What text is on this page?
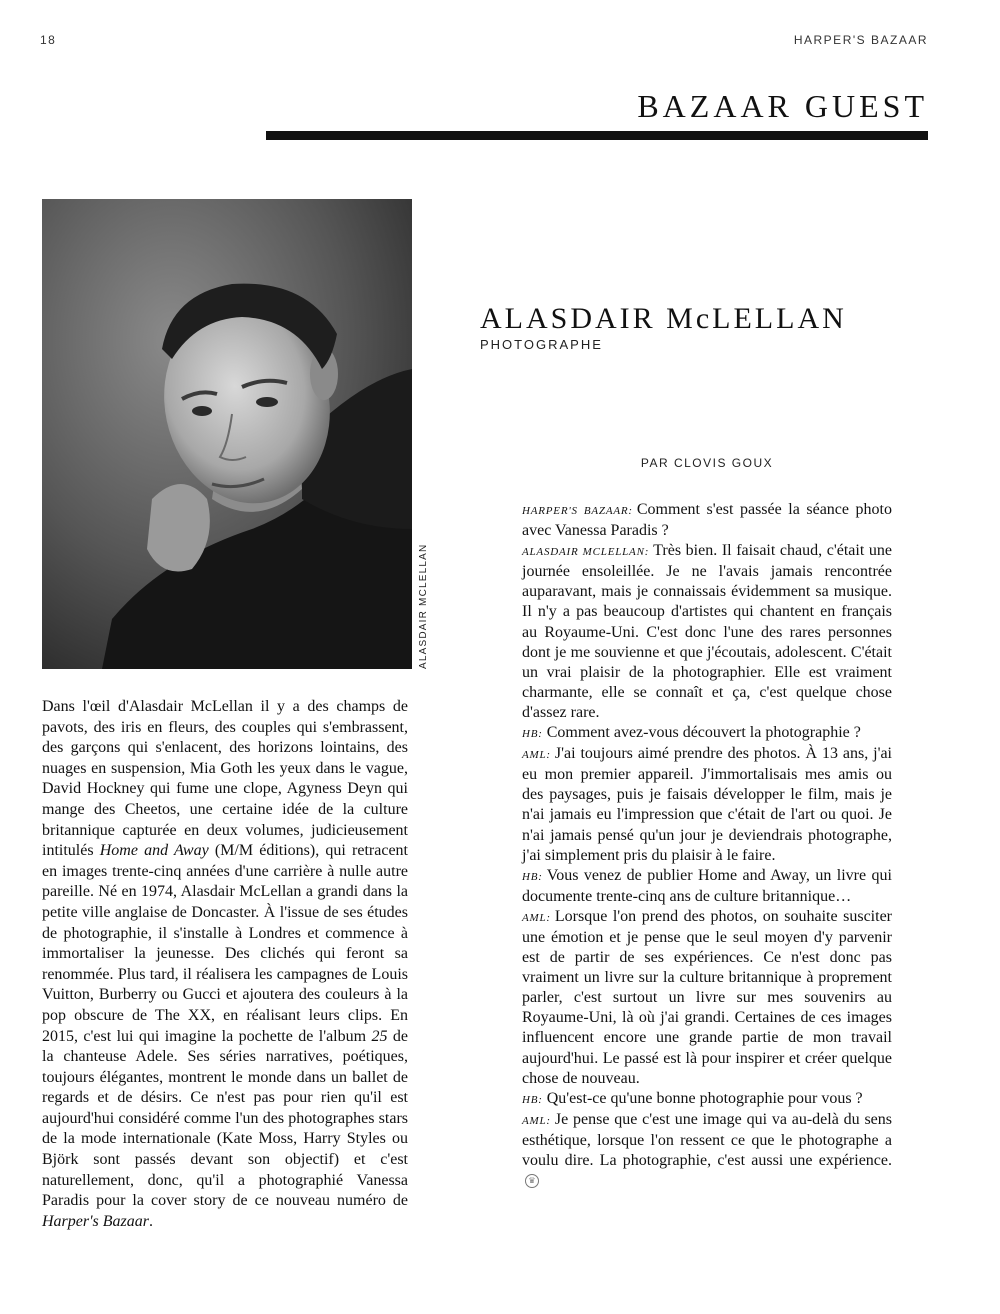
18	HARPER'S BAZAAR
BAZAAR GUEST
ALASDAIR MCLELLAN
ALASDAIR McLELLAN
PHOTOGRAPHE
PAR CLOVIS GOUX
Dans l'œil d'Alasdair McLellan il y a des champs de pavots, des iris en fleurs, des couples qui s'embrassent, des garçons qui s'enlacent, des horizons lointains, des nuages en suspension, Mia Goth les yeux dans le vague, David Hockney qui fume une clope, Agyness Deyn qui mange des Cheetos, une certaine idée de la culture britannique capturée en deux volumes, judicieusement intitulés Home and Away (M/M éditions), qui retracent en images trente-cinq années d'une carrière à nulle autre pareille. Né en 1974, Alasdair McLellan a grandi dans la petite ville anglaise de Doncaster. À l'issue de ses études de photographie, il s'installe à Londres et commence à immortaliser la jeunesse. Des clichés qui feront sa renommée. Plus tard, il réalisera les campagnes de Louis Vuitton, Burberry ou Gucci et ajoutera des couleurs à la pop obscure de The XX, en réalisant leurs clips. En 2015, c'est lui qui imagine la pochette de l'album 25 de la chanteuse Adele. Ses séries narratives, poétiques, toujours élégantes, montrent le monde dans un ballet de regards et de désirs. Ce n'est pas pour rien qu'il est aujourd'hui considéré comme l'un des photographes stars de la mode internationale (Kate Moss, Harry Styles ou Björk sont passés devant son objectif) et c'est naturellement, donc, qu'il a photographié Vanessa Paradis pour la cover story de ce nouveau numéro de Harper's Bazaar.

HARPER'S BAZAAR: Comment s'est passée la séance photo avec Vanessa Paradis ?

ALASDAIR MCLELLAN: Très bien. Il faisait chaud, c'était une journée ensoleillée. Je ne l'avais jamais rencontrée auparavant, mais je connaissais évidemment sa musique. Il n'y a pas beaucoup d'artistes qui chantent en français au Royaume-Uni. C'est donc l'une des rares personnes dont je me souvienne et que j'écoutais, adolescent. C'était un vrai plaisir de la photographier. Elle est vraiment charmante, elle se connaît et ça, c'est quelque chose d'assez rare.

HB: Comment avez-vous découvert la photographie ?

AML: J'ai toujours aimé prendre des photos. À 13 ans, j'ai eu mon premier appareil. J'immortalisais mes amis ou des paysages, puis je faisais développer le film, mais je n'ai jamais eu l'impression que c'était de l'art ou quoi. Je n'ai jamais pensé qu'un jour je deviendrais photographe, j'ai simplement pris du plaisir à le faire.

HB: Vous venez de publier Home and Away, un livre qui documente trente-cinq ans de culture britannique…

AML: Lorsque l'on prend des photos, on souhaite susciter une émotion et je pense que le seul moyen d'y parvenir est de partir de ses expériences. Ce n'est donc pas vraiment un livre sur la culture britannique à proprement parler, c'est surtout un livre sur mes souvenirs au Royaume-Uni, là où j'ai grandi. Certaines de ces images influencent encore une grande partie de mon travail aujourd'hui. Le passé est là pour inspirer et créer quelque chose de nouveau.

HB: Qu'est-ce qu'une bonne photographie pour vous ?

AML: Je pense que c'est une image qui va au-delà du sens esthétique, lorsque l'on ressent ce que le photographe a voulu dire. La photographie, c'est aussi une expérience.♛
